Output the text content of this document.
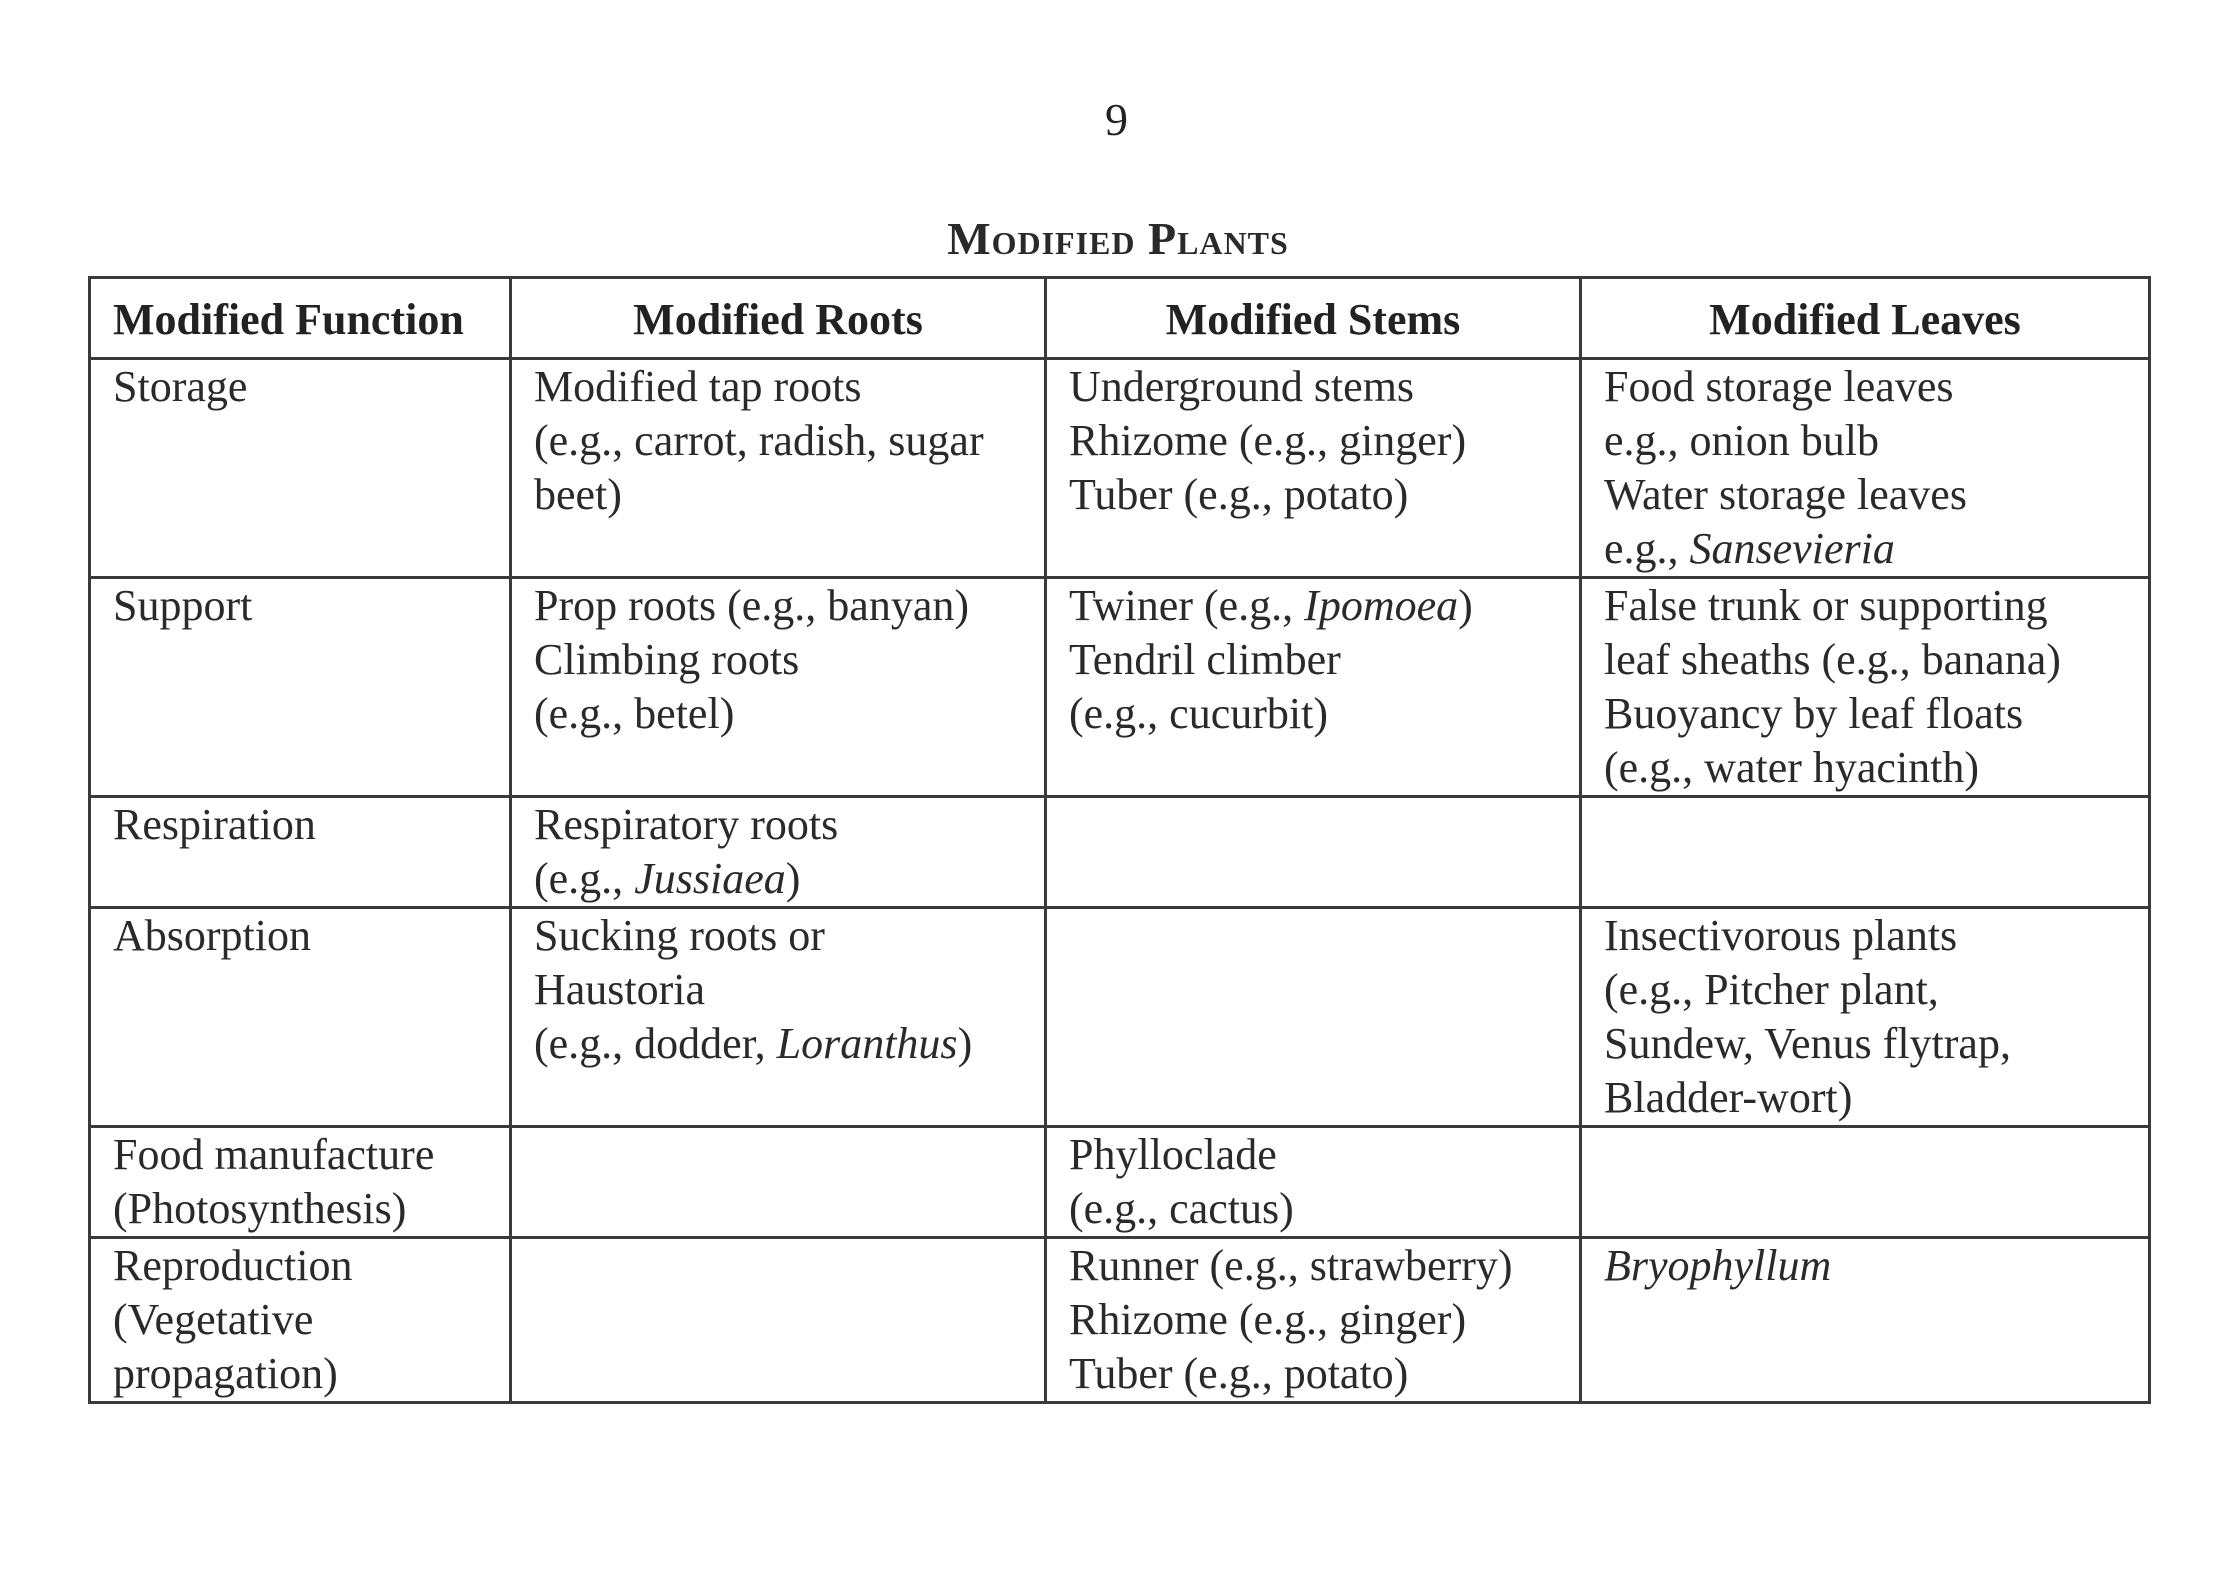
9
Modified Plants
Modified Function	Modified Roots	Modified Stems	Modified Leaves

Storage	Modified tap roots
(e.g., carrot, radish, sugar
beet)	Underground stems
Rhizome (e.g., ginger)
Tuber (e.g., potato)	Food storage leaves
e.g., onion bulb
Water storage leaves
e.g., Sansevieria

Support	Prop roots (e.g., banyan)
Climbing roots
(e.g., betel)	Twiner (e.g., Ipomoea)
Tendril climber
(e.g., cucurbit)	False trunk or supporting
leaf sheaths (e.g., banana)
Buoyancy by leaf floats
(e.g., water hyacinth)

Respiration	Respiratory roots
(e.g., Jussiaea)		

Absorption	Sucking roots or
Haustoria
(e.g., dodder, Loranthus)		Insectivorous plants
(e.g., Pitcher plant,
Sundew, Venus flytrap,
Bladder-wort)

Food manufacture
(Photosynthesis)		Phylloclade
(e.g., cactus)	

Reproduction
(Vegetative
propagation)		Runner (e.g., strawberry)
Rhizome (e.g., ginger)
Tuber (e.g., potato)	Bryophyllum
